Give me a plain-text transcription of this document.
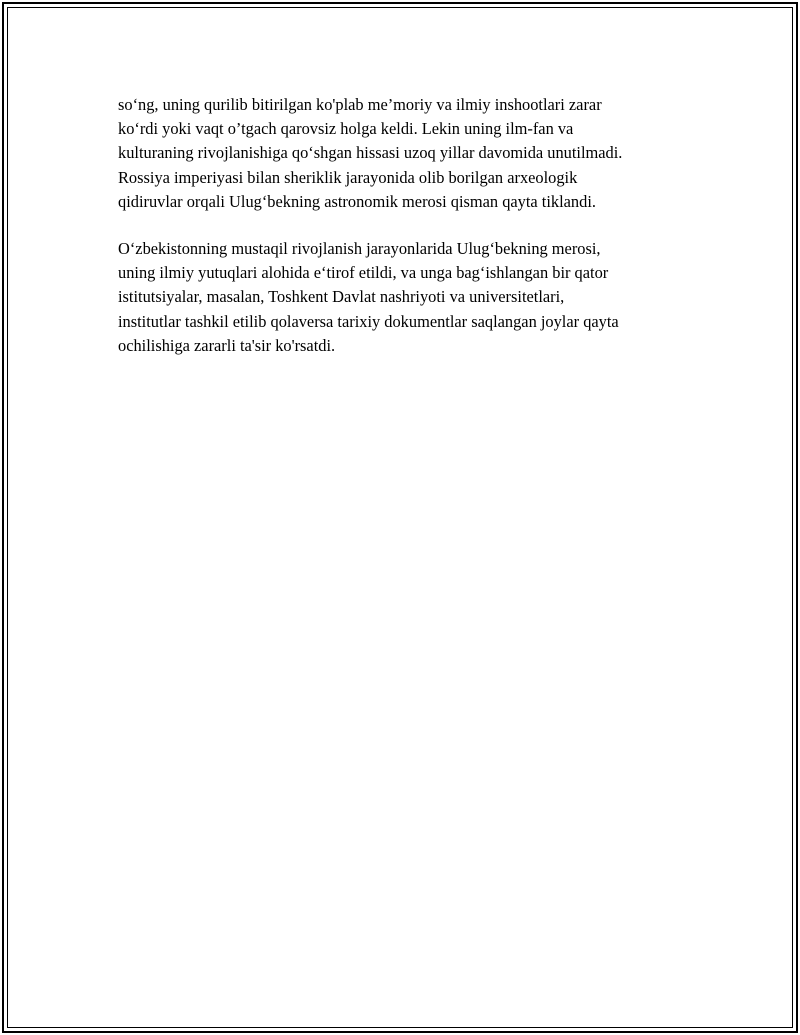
so‘ng, uning qurilib bitirilgan ko'plab me’moriy va ilmiy inshootlari zarar
ko‘rdi yoki vaqt o’tgach qarovsiz holga keldi. Lekin uning ilm-fan va
kulturaning rivojlanishiga qo‘shgan hissasi uzoq yillar davomida unutilmadi.
Rossiya imperiyasi bilan sheriklik jarayonida olib borilgan arxeologik
qidiruvlar orqali Ulug‘bekning astronomik merosi qisman qayta tiklandi.
O‘zbekistonning mustaqil rivojlanish jarayonlarida Ulug‘bekning merosi,
uning ilmiy yutuqlari alohida e‘tirof etildi, va unga bag‘ishlangan bir qator
istitutsiyalar, masalan, Toshkent Davlat nashriyoti va universitetlari,
institutlar tashkil etilib qolaversa tarixiy dokumentlar saqlangan joylar qayta
ochilishiga zararli ta'sir ko'rsatdi.
